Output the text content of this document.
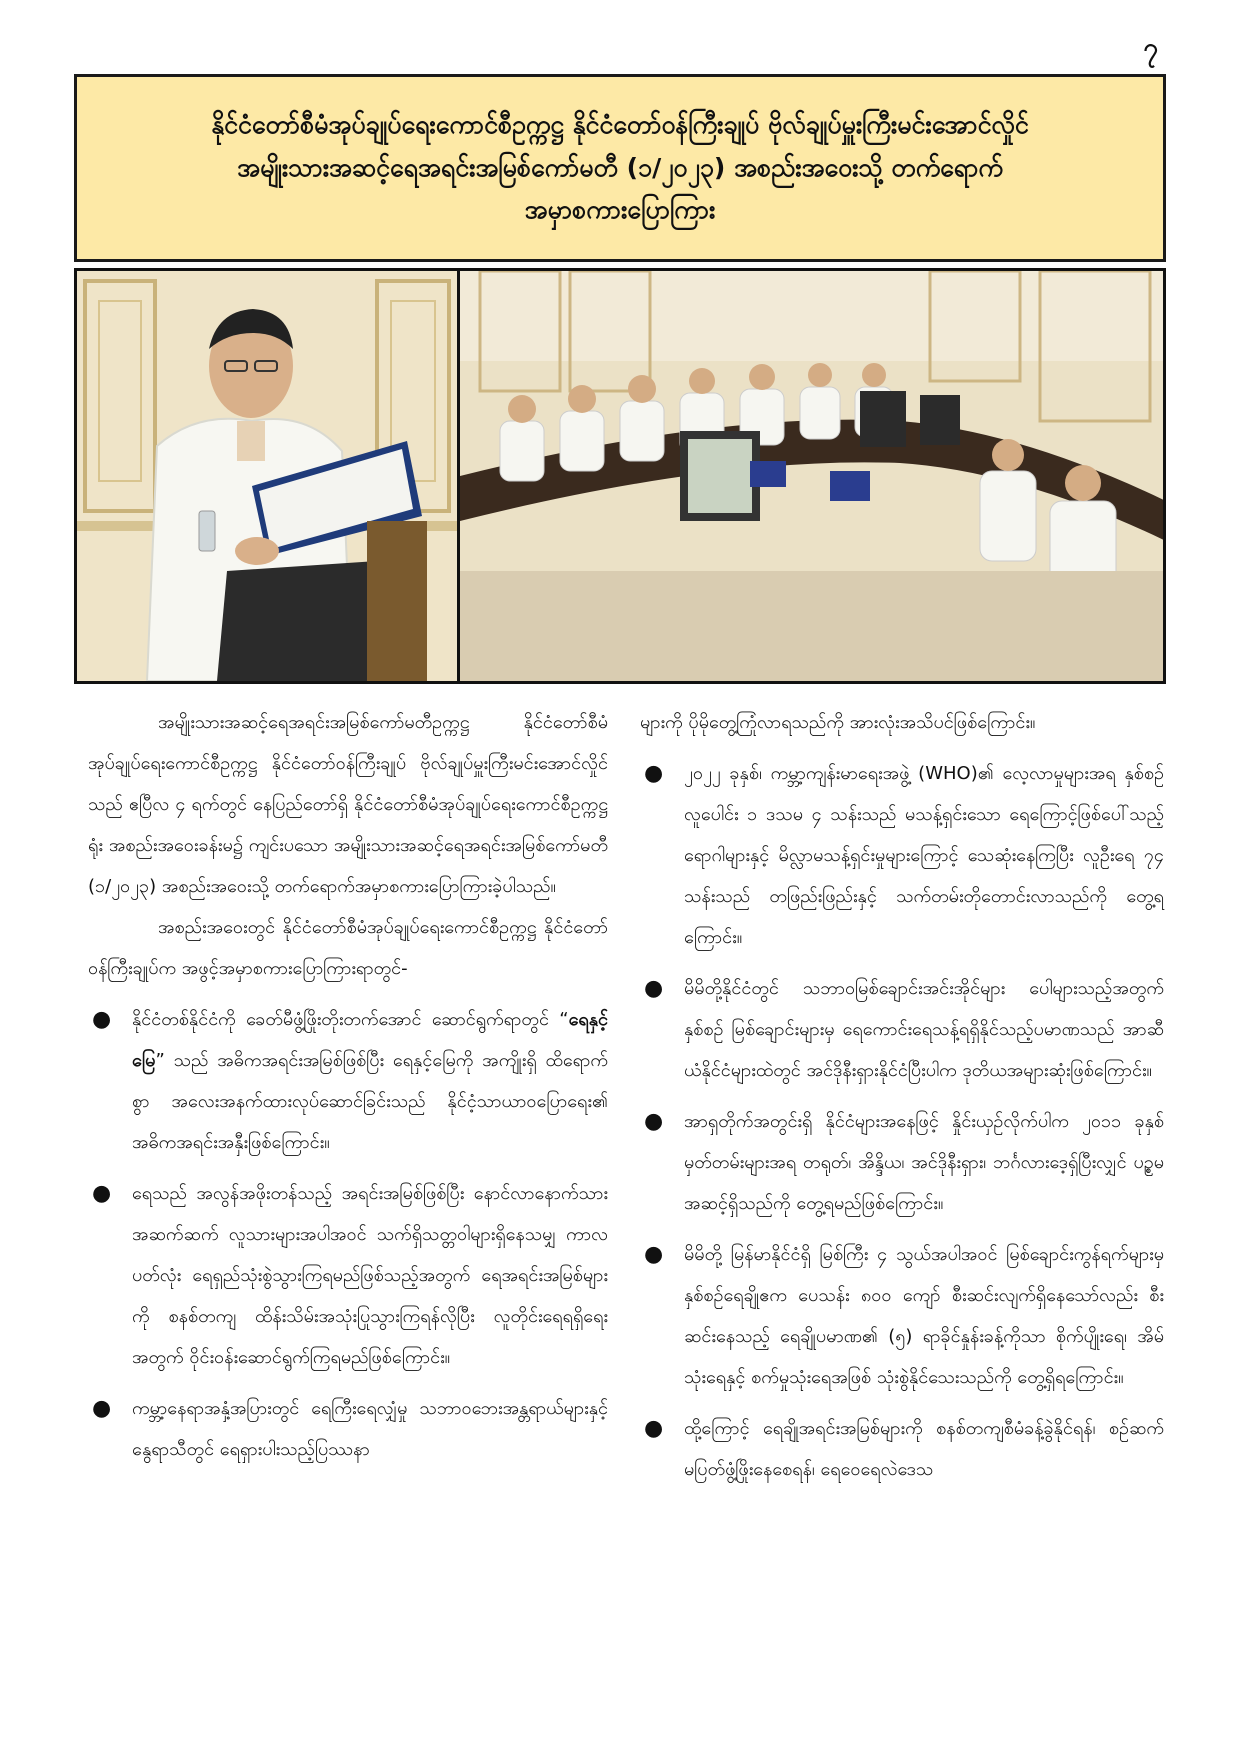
၇
နိုင်ငံတော်စီမံအုပ်ချုပ်ရေးကောင်စီဥက္ကဋ္ဌ နိုင်ငံတော်ဝန်ကြီးချုပ် ဗိုလ်ချုပ်မှူးကြီးမင်းအောင်လှိုင်
အမျိုးသားအဆင့်ရေအရင်းအမြစ်ကော်မတီ (၁/၂၀၂၃) အစည်းအဝေးသို့ တက်ရောက်
အမှာစကားပြောကြား

အမျိုးသားအဆင့်ရေအရင်းအမြစ်ကော်မတီဥက္ကဋ္ဌ နိုင်ငံတော်စီမံအုပ်ချုပ်ရေးကောင်စီဥက္ကဋ္ဌ နိုင်ငံတော်ဝန်ကြီးချုပ် ဗိုလ်ချုပ်မှူးကြီးမင်းအောင်လှိုင်သည် ဧပြီလ ၄ ရက်တွင် နေပြည်တော်ရှိ နိုင်ငံတော်စီမံအုပ်ချုပ်ရေးကောင်စီဥက္ကဋ္ဌရုံး အစည်းအဝေးခန်းမ၌ ကျင်းပသော အမျိုးသားအဆင့်ရေအရင်းအမြစ်ကော်မတီ (၁/၂၀၂၃) အစည်းအဝေးသို့ တက်ရောက်အမှာစကားပြောကြားခဲ့ပါသည်။

အစည်းအဝေးတွင် နိုင်ငံတော်စီမံအုပ်ချုပ်ရေးကောင်စီဥက္ကဋ္ဌ နိုင်ငံတော်ဝန်ကြီးချုပ်က အဖွင့်အမှာစကားပြောကြားရာတွင်-

● နိုင်ငံတစ်နိုင်ငံကို ခေတ်မီဖွံ့ဖြိုးတိုးတက်အောင် ဆောင်ရွက်ရာတွင် “ရေနှင့် မြေ” သည် အဓိကအရင်းအမြစ်ဖြစ်ပြီး ရေနှင့်မြေကို အကျိုးရှိ ထိရောက်စွာ အလေးအနက်ထားလုပ်ဆောင်ခြင်းသည် နိုင်ငံ့သာယာဝပြောရေး၏ အဓိကအရင်းအနှီးဖြစ်ကြောင်း။
● ရေသည် အလွန်အဖိုးတန်သည့် အရင်းအမြစ်ဖြစ်ပြီး နောင်လာနောက်သားအဆက်ဆက် လူသားများအပါအဝင် သက်ရှိသတ္တဝါများရှိနေသမျှ ကာလပတ်လုံး ရေရှည်သုံးစွဲသွားကြရမည်ဖြစ်သည့်အတွက် ရေအရင်းအမြစ်များကို စနစ်တကျ ထိန်းသိမ်းအသုံးပြုသွားကြရန်လိုပြီး လူတိုင်းရေရရှိရေးအတွက် ဝိုင်းဝန်းဆောင်ရွက်ကြရမည်ဖြစ်ကြောင်း။
● ကမ္ဘာ့နေရာအနှံ့အပြားတွင် ရေကြီးရေလျှံမှု သဘာဝဘေးအန္တရာယ်များနှင့် နွေရာသီတွင် ရေရှားပါးသည့်ပြဿနာ

များကို ပိုမိုတွေ့ကြုံလာရသည်ကို အားလုံးအသိပင်ဖြစ်ကြောင်း။

● ၂၀၂၂ ခုနှစ်၊ ကမ္ဘာ့ကျန်းမာရေးအဖွဲ့ (WHO)၏ လေ့လာမှုများအရ နှစ်စဉ် လူပေါင်း ၁ ဒသမ ၄ သန်းသည် မသန့်ရှင်းသော ရေကြောင့်ဖြစ်ပေါ်သည့် ရောဂါများနှင့် မိလ္လာမသန့်ရှင်းမှုများကြောင့် သေဆုံးနေကြပြီး လူဦးရေ ၇၄ သန်းသည် တဖြည်းဖြည်းနှင့် သက်တမ်းတိုတောင်းလာသည်ကို တွေ့ရကြောင်း။
● မိမိတို့နိုင်ငံတွင် သဘာဝမြစ်ချောင်းအင်းအိုင်များ ပေါများသည့်အတွက် နှစ်စဉ် မြစ်ချောင်းများမှ ရေကောင်းရေသန့်ရရှိနိုင်သည့်ပမာဏသည် အာဆီယံနိုင်ငံများထဲတွင် အင်ဒိုနီးရှားနိုင်ငံပြီးပါက ဒုတိယအများဆုံးဖြစ်ကြောင်း။
● အာရှတိုက်အတွင်းရှိ နိုင်ငံများအနေဖြင့် နှိုင်းယှဉ်လိုက်ပါက ၂၀၁၁ ခုနှစ် မှတ်တမ်းများအရ တရုတ်၊ အိန္ဒိယ၊ အင်ဒိုနီးရှား၊ ဘင်္ဂလားဒေ့ရှ်ပြီးလျှင် ပဉ္စမအဆင့်ရှိသည်ကို တွေ့ရမည်ဖြစ်ကြောင်း။
● မိမိတို့ မြန်မာနိုင်ငံရှိ မြစ်ကြီး ၄ သွယ်အပါအဝင် မြစ်ချောင်းကွန်ရက်များမှ နှစ်စဉ်ရေချိုဧက ပေသန်း ၈၀၀ ကျော် စီးဆင်းလျက်ရှိနေသော်လည်း စီးဆင်းနေသည့် ရေချိုပမာဏ၏ (၅) ရာခိုင်နှုန်းခန့်ကိုသာ စိုက်ပျိုးရေ၊ အိမ်သုံးရေနှင့် စက်မှုသုံးရေအဖြစ် သုံးစွဲနိုင်သေးသည်ကို တွေ့ရှိရကြောင်း။
● ထို့ကြောင့် ရေချိုအရင်းအမြစ်များကို စနစ်တကျစီမံခန့်ခွဲနိုင်ရန်၊ စဉ်ဆက်မပြတ်ဖွံ့ဖြိုးနေစေရန်၊ ရေဝေရေလဲဒေသ
